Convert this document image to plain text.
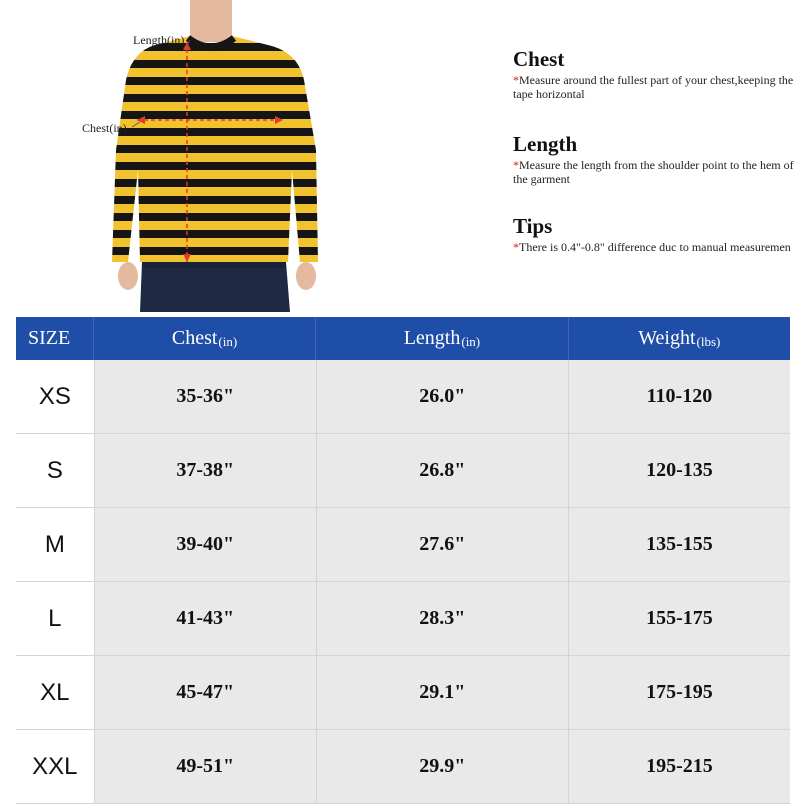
Length(in)
Chest(in)
Chest

*Measure around the fullest part of your chest,keeping the tape horizontal

Length

*Measure the length from the shoulder point to the hem of the garment

Tips

*There is 0.4"-0.8" difference duc to manual measuremen

SIZE	Chest (in)	Length (in)	Weight (lbs)
XS	35-36"	26.0"	110-120
S	37-38"	26.8"	120-135
M	39-40"	27.6"	135-155
L	41-43"	28.3"	155-175
XL	45-47"	29.1"	175-195
XXL	49-51"	29.9"	195-215
